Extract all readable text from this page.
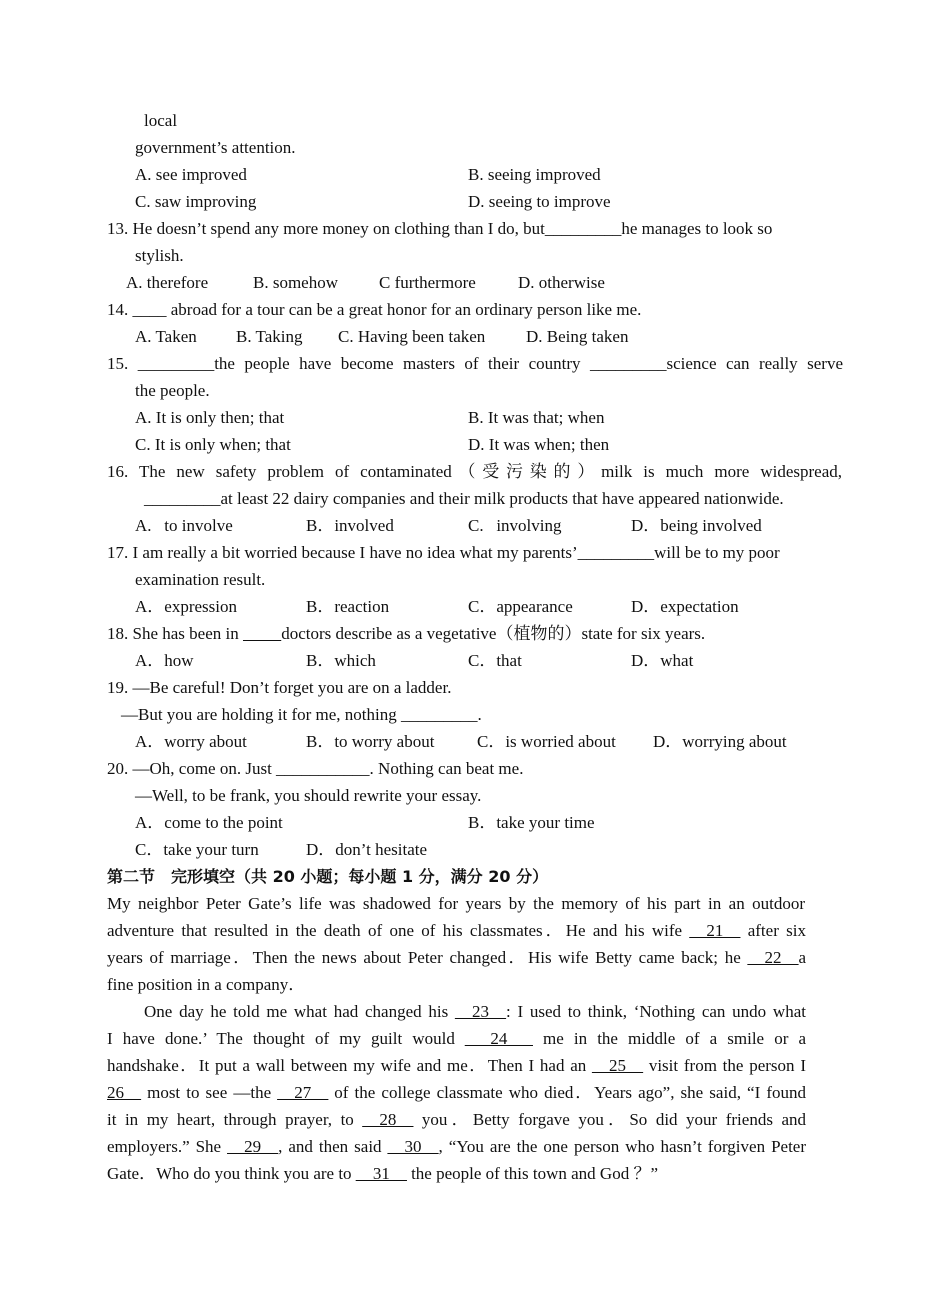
local
government’s attention.
A. see improved	B. seeing improved
C. saw improving	D. seeing to improve
13. He doesn’t spend any more money on clothing than I do, but_________he manages to look so
stylish.
A. therefore	B. somehow C furthermore D. otherwise
14. ____ abroad for a tour can be a great honor for an ordinary person like me.
A. Taken B. Taking C. Having been taken D. Being taken
15. _________the people have become masters of their country _________science can really serve
the people.
A. It is only then; that	B. It was that; when
C. It is only when; that	D. It was when; then
16. The new safety problem of contaminated（受污染的）milk is much more widespread,
_________at least 22 dairy companies and their milk products that have appeared nationwide.
A.   to involve	B．involved	C.   involving	D．being involved
17. I am really a bit worried because I have no idea what my parents’_________will be to my poor
examination result.
A．expression	B．reaction	C．appearance	D．expectation
18. She has been in          doctors describe as a vegetative（植物的）state for six years.
A．how	B．which	C．that	D．what
19. —Be careful! Don’t forget you are on a ladder.
—But you are holding it for me, nothing _________.
A．worry about	B．to worry about	C．is worried about D．worrying about
20. —Oh, come on. Just ___________. Nothing can beat me.
—Well, to be frank, you should rewrite your essay.
A．come to the point	B．take your time
C．take your turn	D．don’t hesitate
第二节　完形填空（共 20 小题；每小题 1 分，满分 20 分）
My neighbor Peter Gate’s life was shadowed for years by the memory of his part in an outdoor
adventure that resulted in the death of one of his classmates．He and his wife __21__ after six
years of marriage．Then the news about Peter changed．His wife Betty came back; he __22__a
fine position in a company．
One day he told me what had changed his __23__: I used to think, ‘Nothing can undo what
I have done.’ The thought of my guilt would ___24___ me in the middle of a smile or a
handshake．It put a wall between my wife and me．Then I had an __25__ visit from the person I
26__ most to see —the __27__ of the college classmate who died．Years ago”, she said, “I found
it in my heart, through prayer, to __28__ you．Betty forgave you．So did your friends and
employers.” She __29__, and then said __30__, “You are the one person who hasn’t forgiven Peter
Gate．Who do you think you are to __31__ the people of this town and God ？”
